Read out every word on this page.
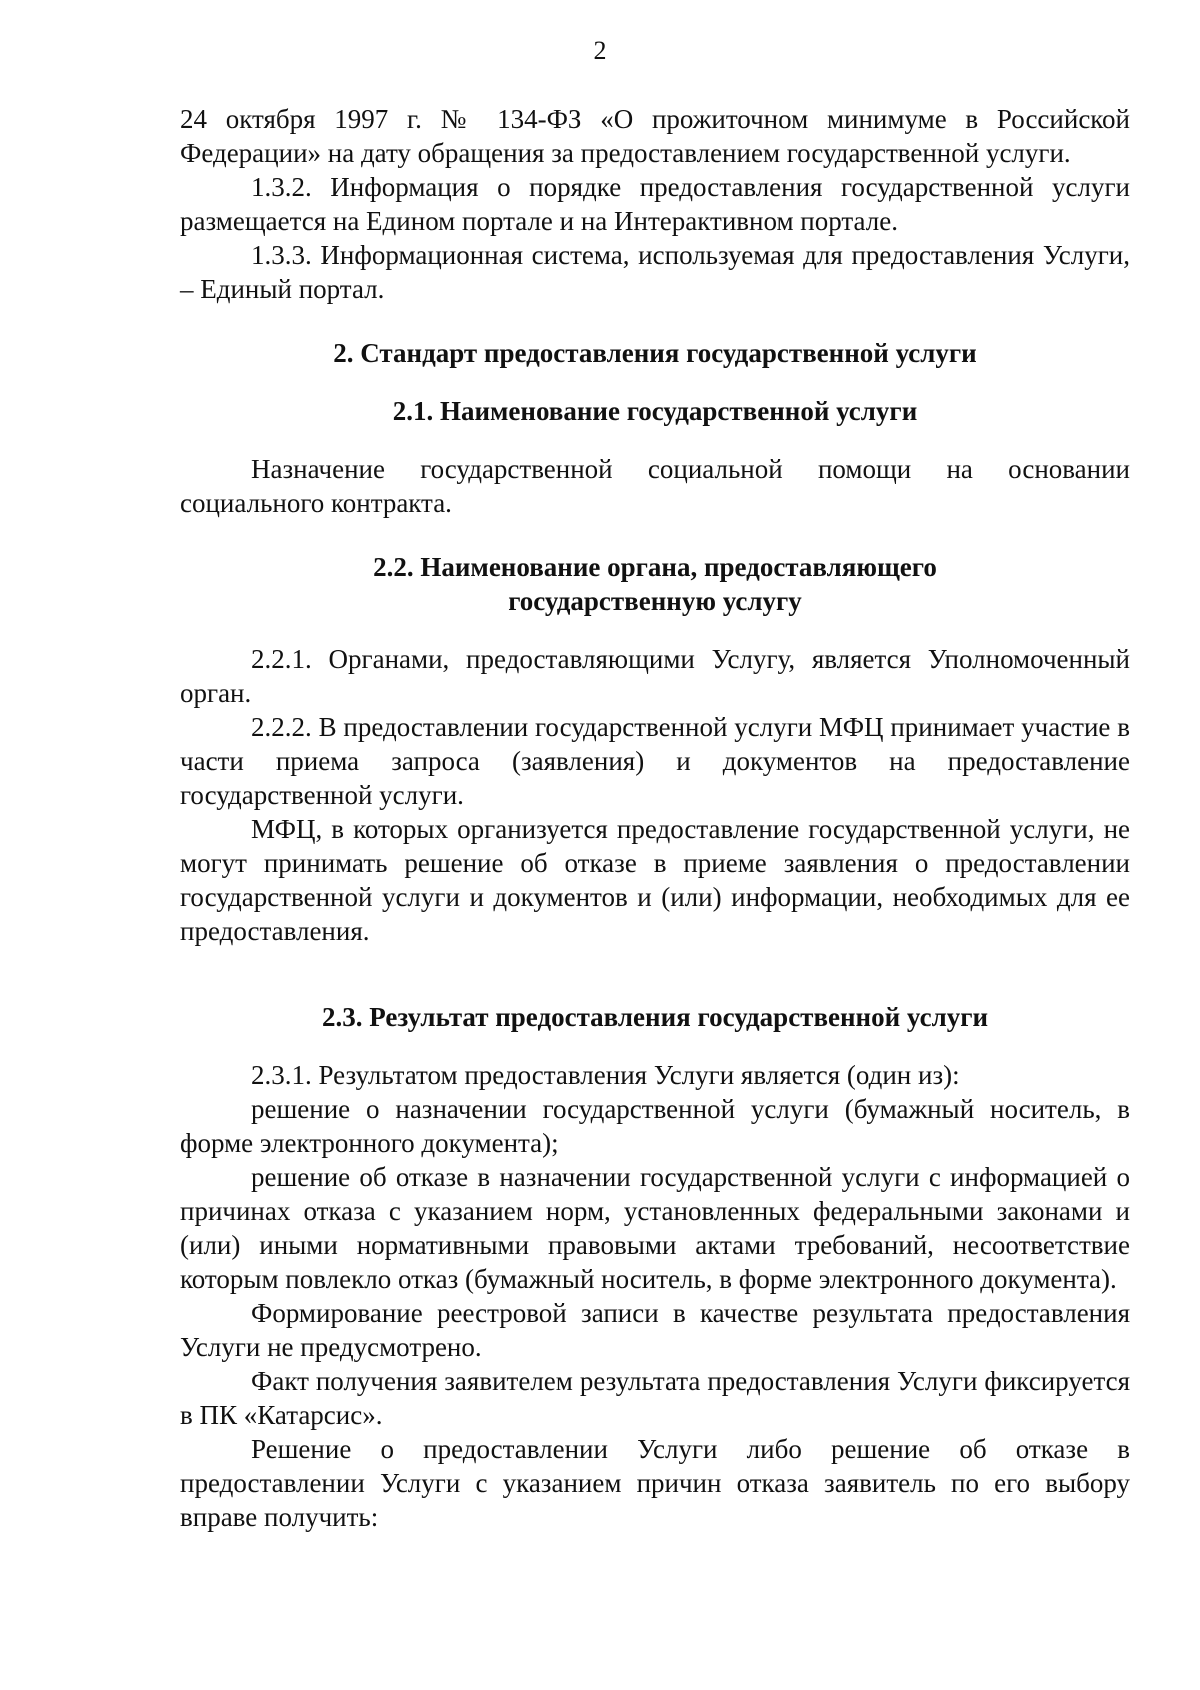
2

24 октября 1997 г. № 134-ФЗ «О прожиточном минимуме в Российской Федерации» на дату обращения за предоставлением государственной услуги.

1.3.2. Информация о порядке предоставления государственной услуги размещается на Едином портале и на Интерактивном портале.

1.3.3. Информационная система, используемая для предоставления Услуги, – Единый портал.

2. Стандарт предоставления государственной услуги
2.1. Наименование государственной услуги

Назначение государственной социальной помощи на основании социального контракта.

2.2. Наименование органа, предоставляющего
государственную услугу

2.2.1. Органами, предоставляющими Услугу, является Уполномоченный орган.

2.2.2. В предоставлении государственной услуги МФЦ принимает участие в части приема запроса (заявления) и документов на предоставление государственной услуги.

МФЦ, в которых организуется предоставление государственной услуги, не могут принимать решение об отказе в приеме заявления о предоставлении государственной услуги и документов и (или) информации, необходимых для ее предоставления.

2.3. Результат предоставления государственной услуги

2.3.1. Результатом предоставления Услуги является (один из):

решение о назначении государственной услуги (бумажный носитель, в форме электронного документа);

решение об отказе в назначении государственной услуги с информацией о причинах отказа с указанием норм, установленных федеральными законами и (или) иными нормативными правовыми актами требований, несоответствие которым повлекло отказ (бумажный носитель, в форме электронного документа).

Формирование реестровой записи в качестве результата предоставления Услуги не предусмотрено.

Факт получения заявителем результата предоставления Услуги фиксируется в ПК «Катарсис».

Решение о предоставлении Услуги либо решение об отказе в предоставлении Услуги с указанием причин отказа заявитель по его выбору вправе получить:
